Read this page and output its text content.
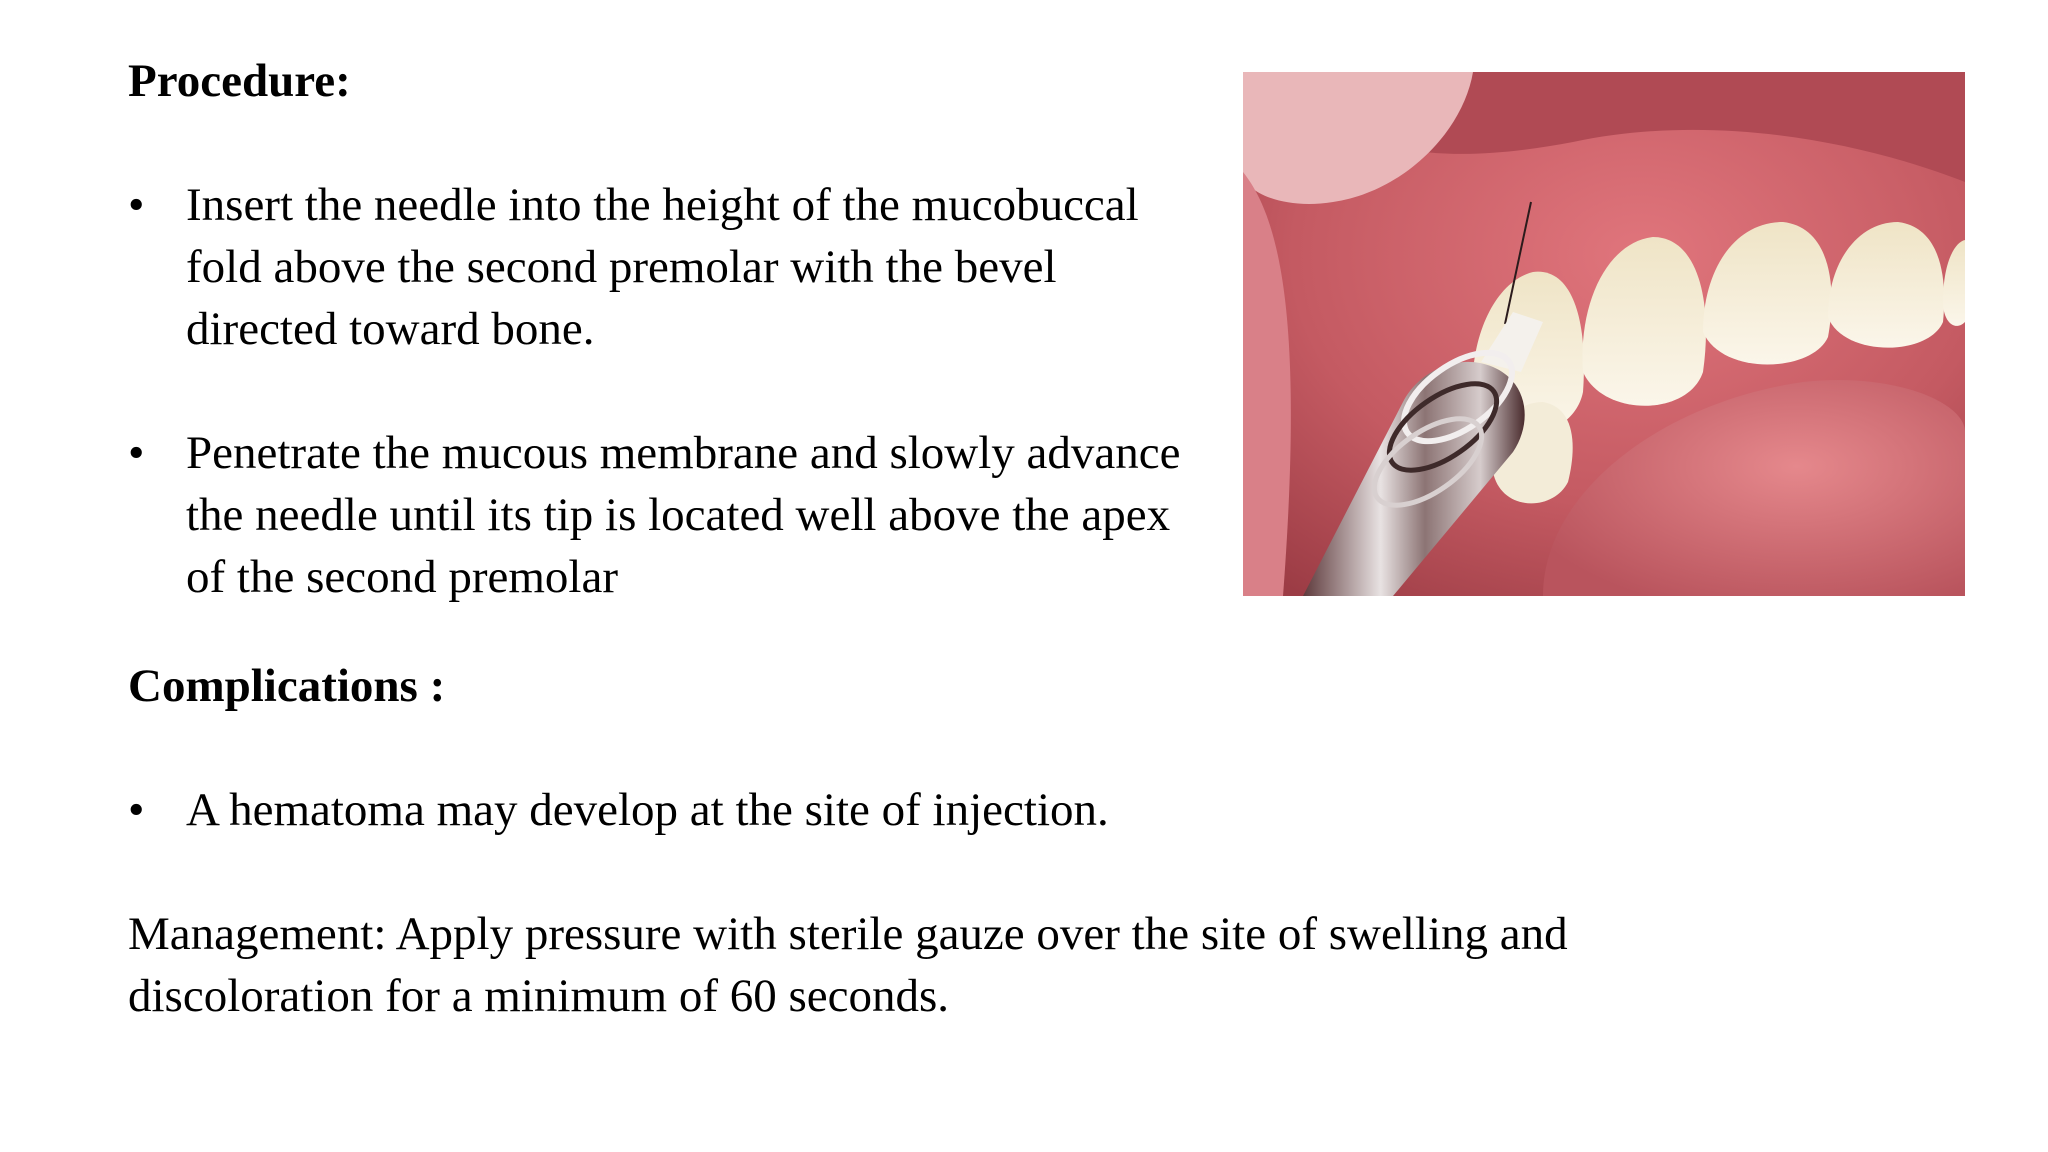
Procedure:
• Insert the needle into the height of the mucobuccal fold above the second premolar with the bevel directed toward bone.
• Penetrate the mucous membrane and slowly advance the needle until its tip is located well above the apex of the second premolar
Complications :
• A hematoma may develop at the site of injection.

Management: Apply pressure with sterile gauze over the site of swelling and discoloration for a minimum of 60 seconds.
